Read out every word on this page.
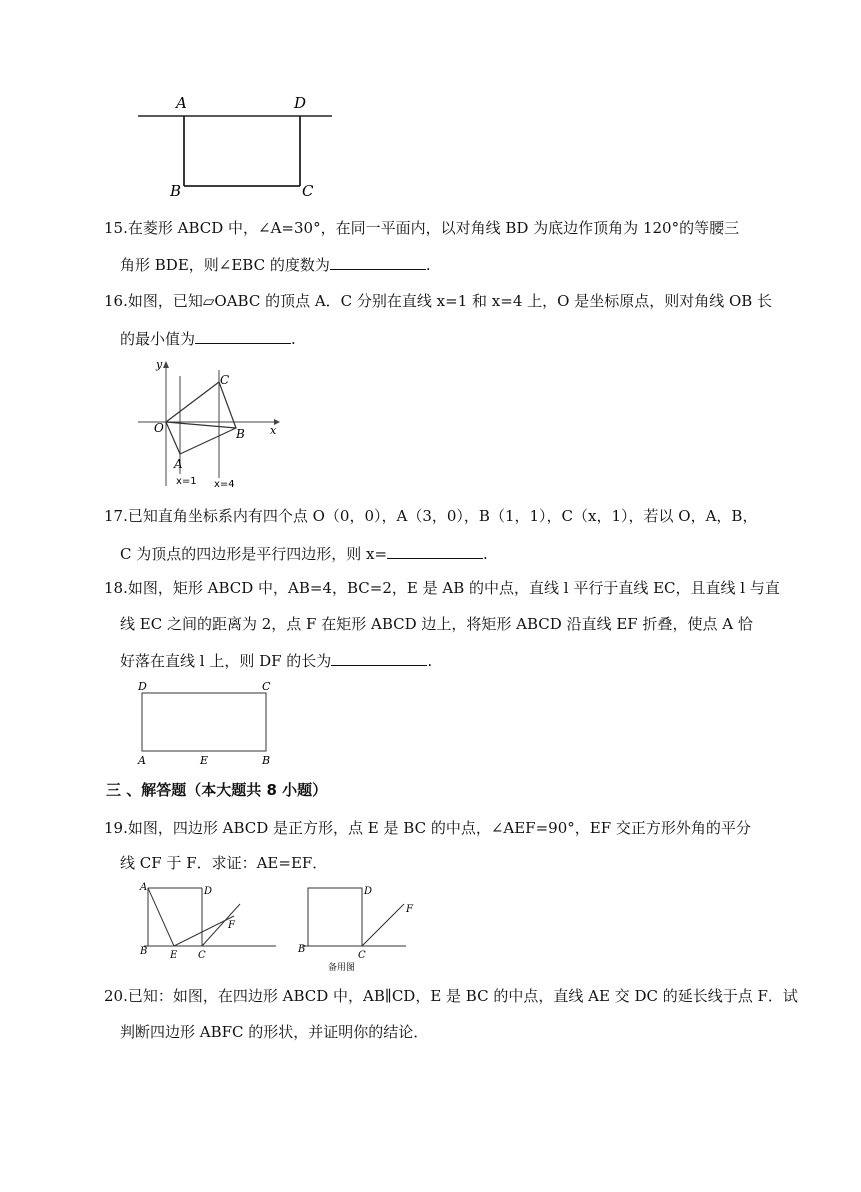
A	D
B	C
15.在菱形 ABCD 中，∠A=30°，在同一平面内，以对角线 BD 为底边作顶角为 120°的等腰三
角形 BDE，则∠EBC 的度数为	.
16.如图，已知▱OABC 的顶点 A．C 分别在直线 x=1 和 x=4 上，O 是坐标原点，则对角线 OB 长
的最小值为	.
y
x
O
A
B
C
x=1 x=4
17.已知直角坐标系内有四个点 O（0，0），A（3，0），B（1，1），C（x，1），若以 O，A，B，
C 为顶点的四边形是平行四边形，则 x=	.
18.如图，矩形 ABCD 中，AB=4，BC=2，E 是 AB 的中点，直线 l 平行于直线 EC，且直线 l 与直
线 EC 之间的距离为 2，点 F 在矩形 ABCD 边上，将矩形 ABCD 沿直线 EF 折叠，使点 A 恰
好落在直线 l 上，则 DF 的长为	.
D	C
A	E	B
三 、解答题（本大题共 8 小题）
19.如图，四边形 ABCD 是正方形，点 E 是 BC 的中点，∠AEF=90°，EF 交正方形外角的平分
线 CF 于 F．求证：AE=EF．
A	D
B E C
F
D
B
C
F
备用图
20.已知：如图，在四边形 ABCD 中，AB∥CD，E 是 BC 的中点，直线 AE 交 DC 的延长线于点 F．试
判断四边形 ABFC 的形状，并证明你的结论．
